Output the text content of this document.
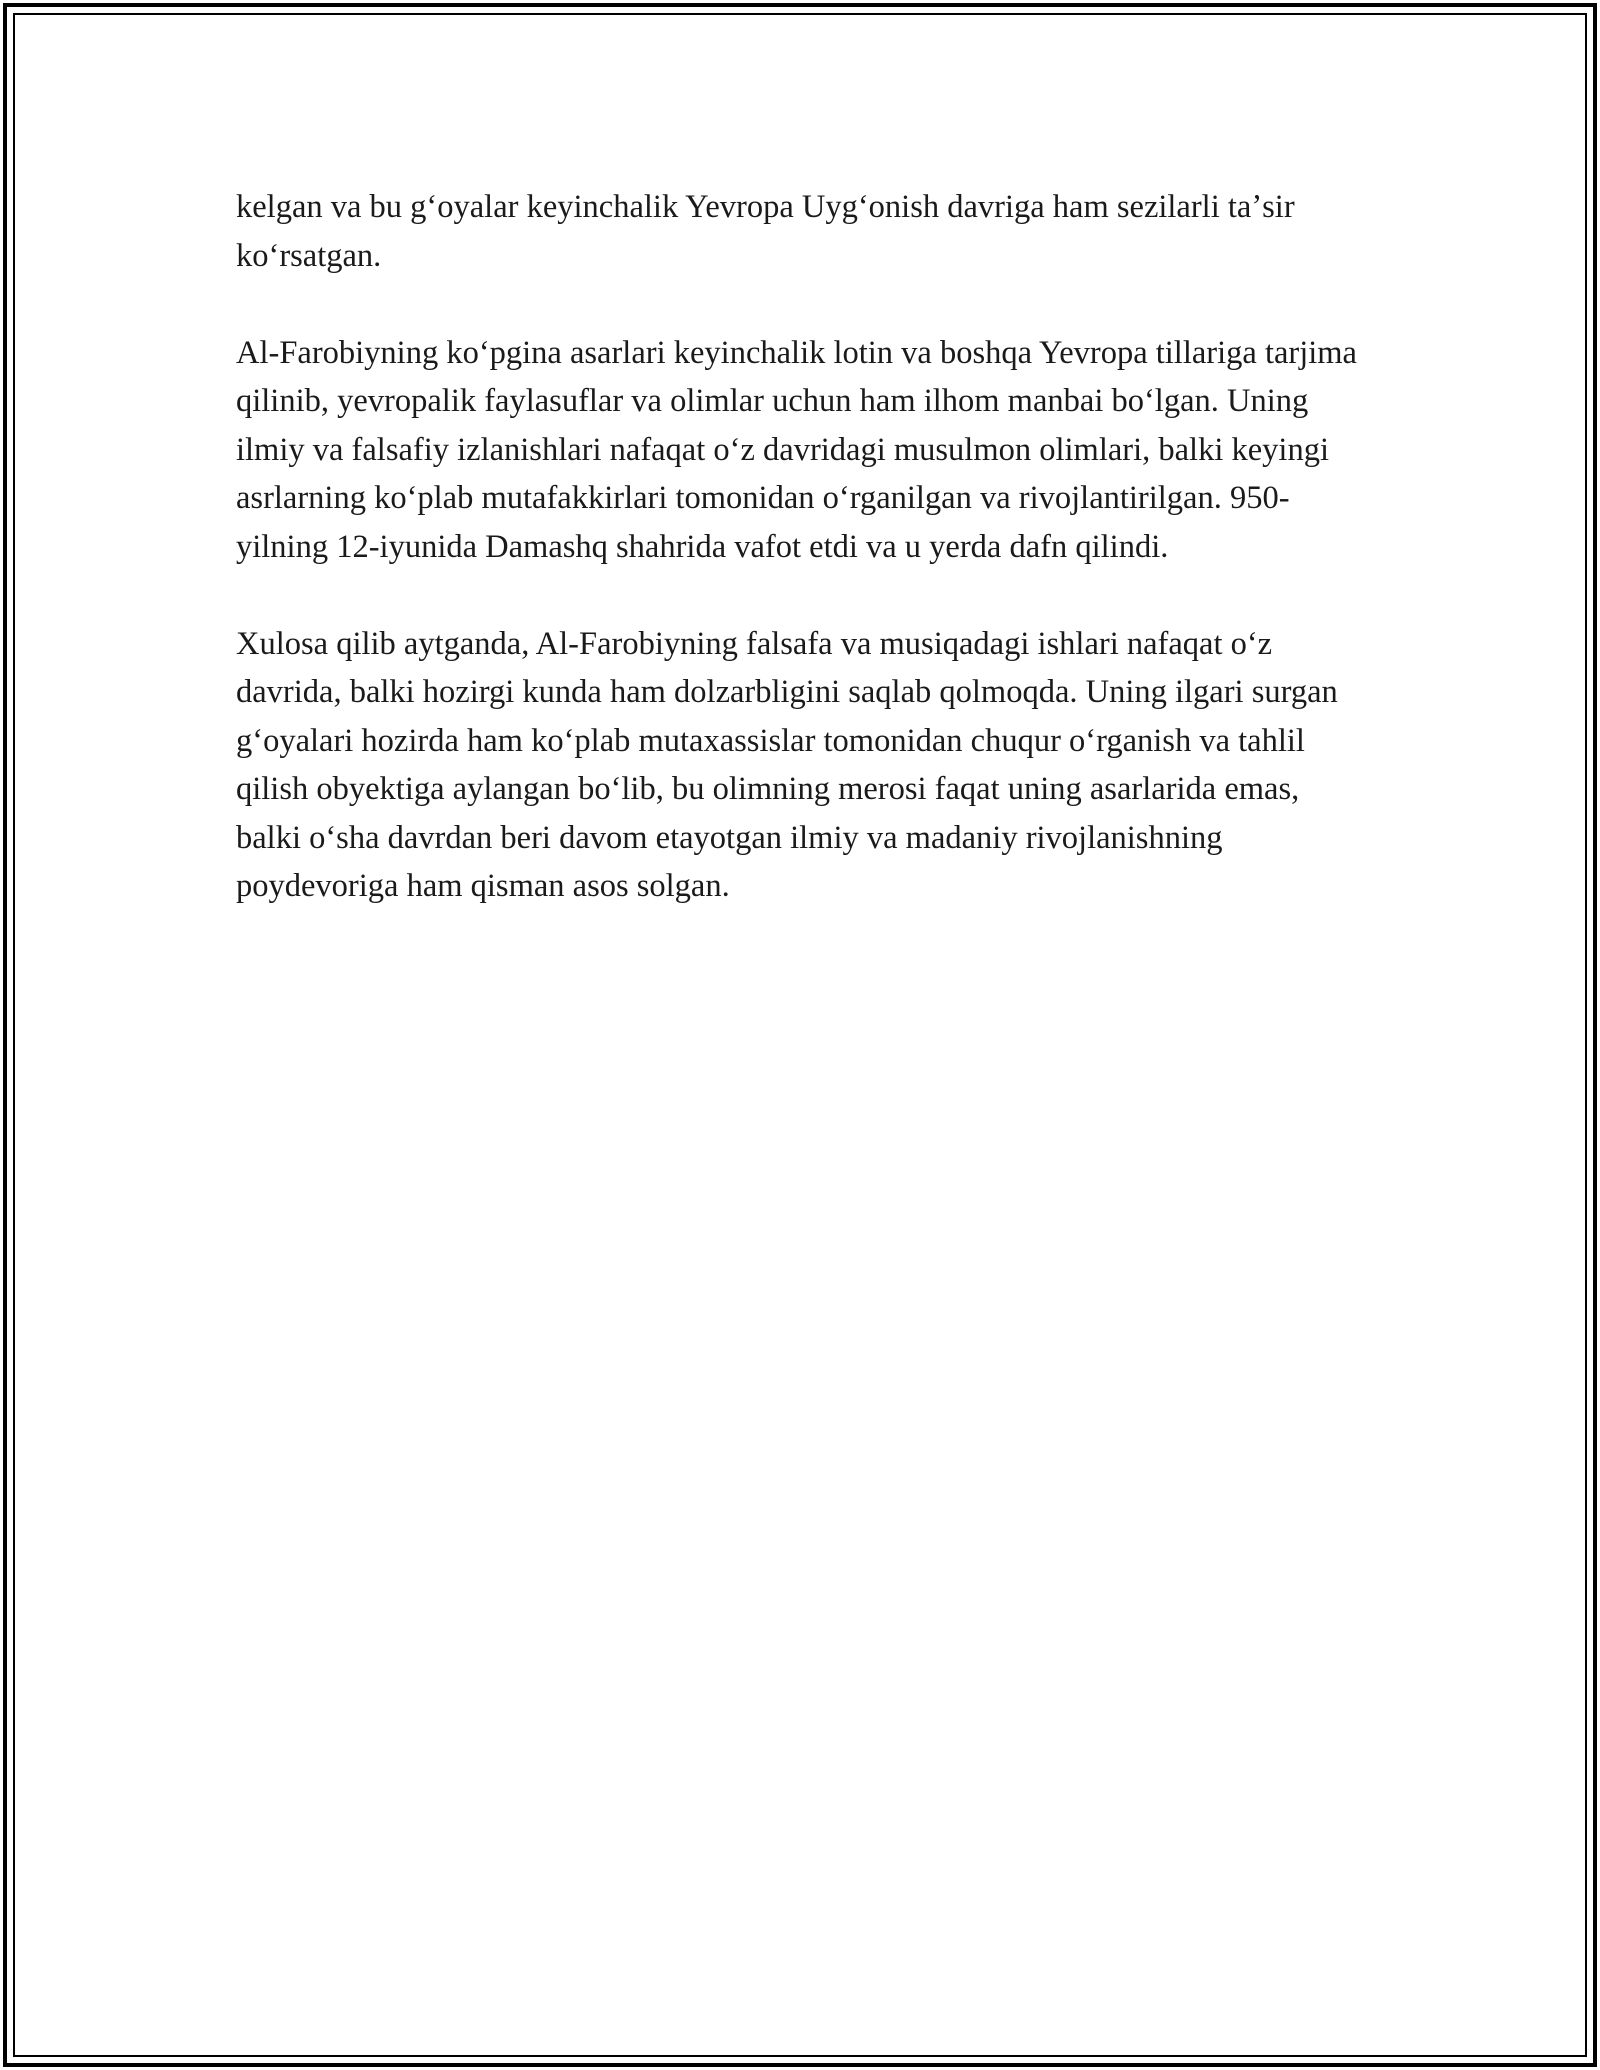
kelgan va bu gʻoyalar keyinchalik Yevropa Uygʻonish davriga ham sezilarli taʼsir koʻrsatgan.

Al-Farobiyning koʻpgina asarlari keyinchalik lotin va boshqa Yevropa tillariga tarjima qilinib, yevropalik faylasuflar va olimlar uchun ham ilhom manbai boʻlgan. Uning ilmiy va falsafiy izlanishlari nafaqat oʻz davridagi musulmon olimlari, balki keyingi asrlarning koʻplab mutafakkirlari tomonidan oʻrganilgan va rivojlantirilgan. 950-yilning 12-iyunida Damashq shahrida vafot etdi va u yerda dafn qilindi.

Xulosa qilib aytganda, Al-Farobiyning falsafa va musiqadagi ishlari nafaqat oʻz davrida, balki hozirgi kunda ham dolzarbligini saqlab qolmoqda. Uning ilgari surgan gʻoyalari hozirda ham koʻplab mutaxassislar tomonidan chuqur oʻrganish va tahlil qilish obyektiga aylangan boʻlib, bu olimning merosi faqat uning asarlarida emas, balki oʻsha davrdan beri davom etayotgan ilmiy va madaniy rivojlanishning poydevoriga ham qisman asos solgan.
